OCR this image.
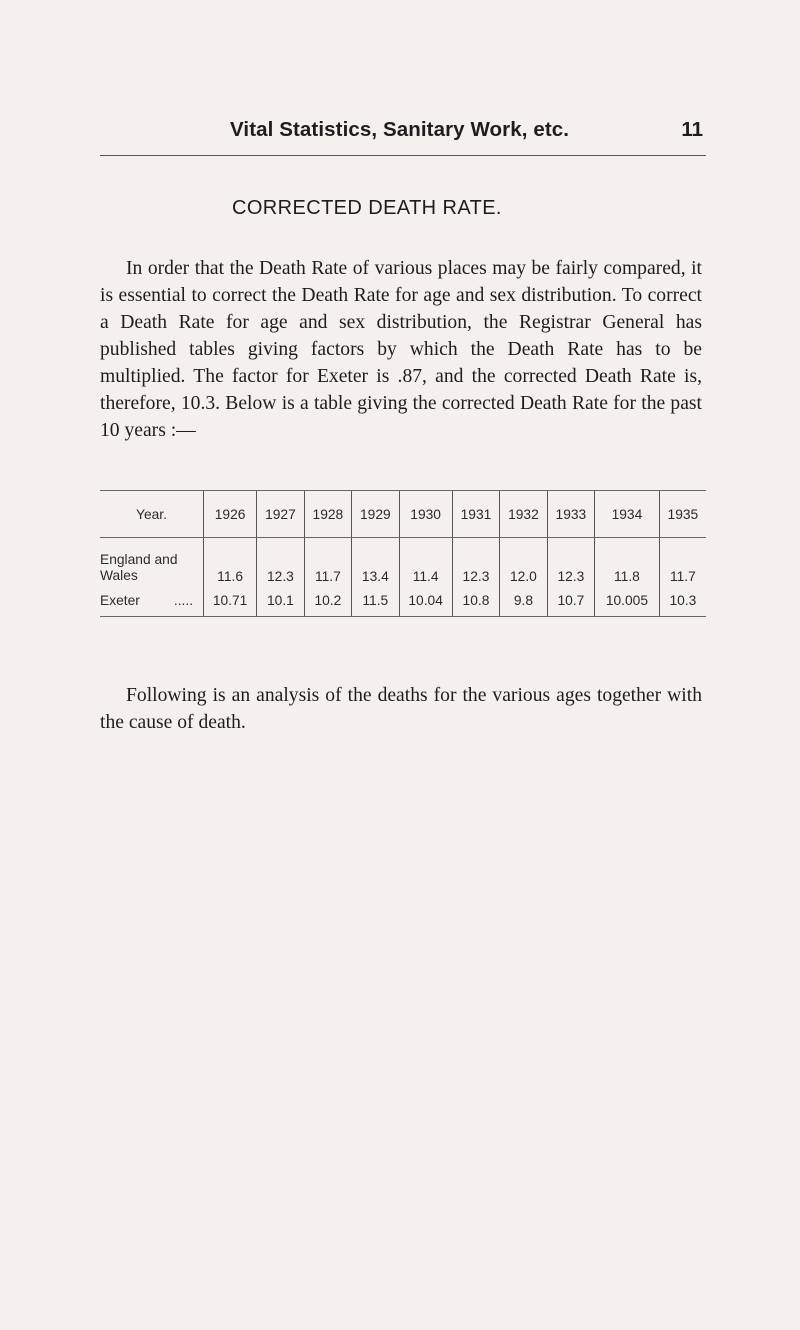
Vital Statistics, Sanitary Work, etc.	11
CORRECTED DEATH RATE.

In order that the Death Rate of various places may be fairly compared, it is essential to correct the Death Rate for age and sex distribution. To correct a Death Rate for age and sex distribution, the Registrar General has published tables giving factors by which the Death Rate has to be multiplied. The factor for Exeter is .87, and the corrected Death Rate is, therefore, 10.3. Below is a table giving the corrected Death Rate for the past 10 years :—

Year.	1926	1927	1928	1929	1930	1931	1932	1933	1934	1935

England and
Wales	11.6	12.3	11.7	13.4	11.4	12.3	12.0	12.3	11.8	11.7
Exeter .....	10.71	10.1	10.2	11.5	10.04	10.8	9.8	10.7	10.005	10.3

Following is an analysis of the deaths for the various ages together with the cause of death.
